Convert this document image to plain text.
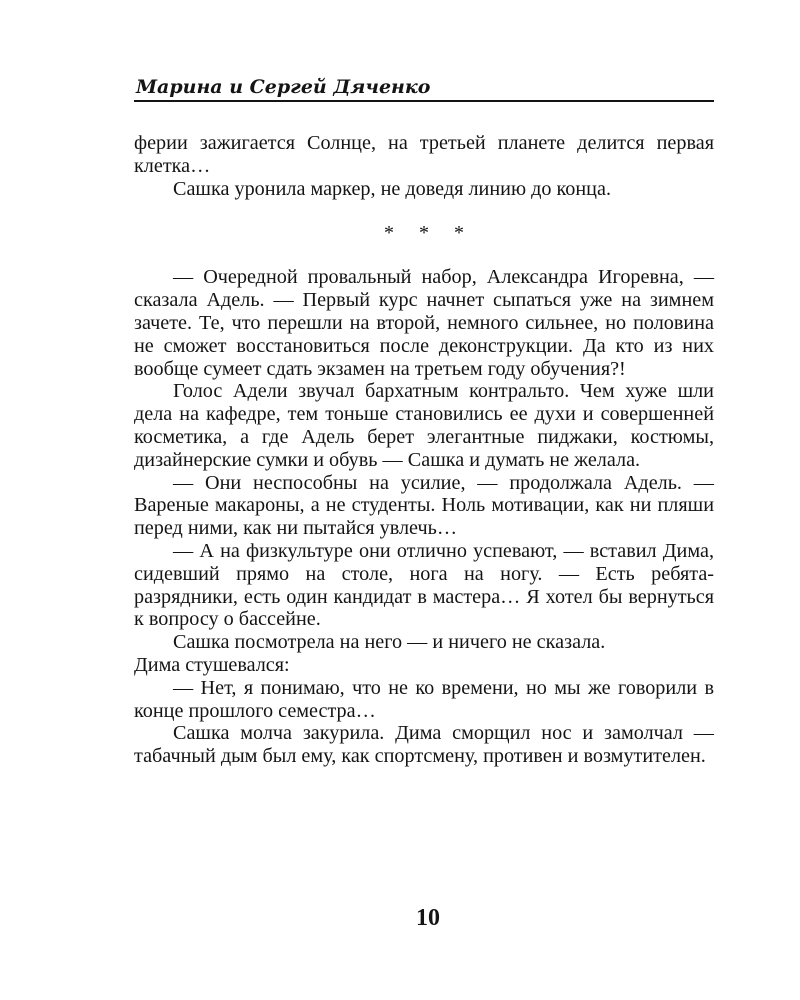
Марина и Сергей Дяченко

ферии зажигается Солнце, на третьей планете делится первая клетка…

Сашка уронила маркер, не доведя линию до конца.

* * *

— Очередной провальный набор, Александра Игоревна, — сказала Адель. — Первый курс начнет сыпаться уже на зимнем зачете. Те, что перешли на второй, немного сильнее, но половина не сможет восстановиться после деконструкции. Да кто из них вообще сумеет сдать экзамен на третьем году обучения?!

Голос Адели звучал бархатным контральто. Чем хуже шли дела на кафедре, тем тоньше становились ее духи и совершенней косметика, а где Адель берет элегантные пиджаки, костюмы, дизайнерские сумки и обувь — Сашка и думать не желала.

— Они неспособны на усилие, — продолжала Адель. — Вареные макароны, а не студенты. Ноль мотивации, как ни пляши перед ними, как ни пытайся увлечь…

— А на физкультуре они отлично успевают, — вставил Дима, сидевший прямо на столе, нога на ногу. — Есть ребята-разрядники, есть один кандидат в мастера… Я хотел бы вернуться к вопросу о бассейне.

Сашка посмотрела на него — и ничего не сказала.

Дима стушевался:

— Нет, я понимаю, что не ко времени, но мы же говорили в конце прошлого семестра…

Сашка молча закурила. Дима сморщил нос и замолчал — табачный дым был ему, как спортсмену, противен и возмутителен.

10
